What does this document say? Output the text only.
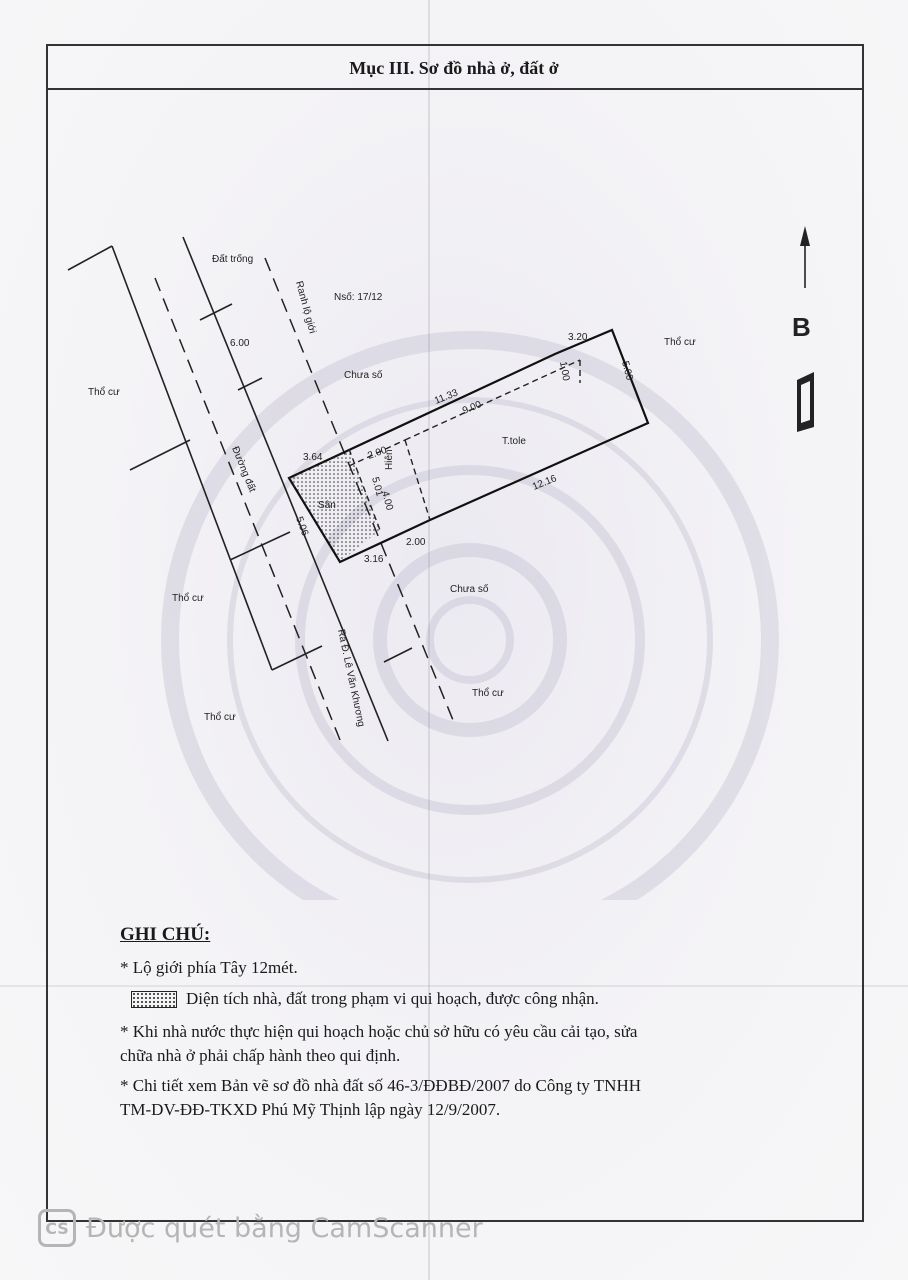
Mục III. Sơ đồ nhà ở, đất ở
B
Đất trống
Nsố: 17/12
Chưa số
Chưa số
Thổ cư
Thổ cư
Thổ cư
Thổ cư
Thổ cư
T.tole
Sân
Hiên
Ranh lộ giới
Đường đất
Ra Đ. Lê Văn Khương
6.00
3.20
5.00
1.00
11.33
9.00
3.64	2.00
12.16
5.01
4.00
5.06
3.16
2.00
GHI CHÚ:
* Lộ giới phía Tây 12mét.
Diện tích nhà, đất trong phạm vi qui hoạch, được công nhận.
* Khi nhà nước thực hiện qui hoạch hoặc chủ sở hữu có yêu cầu cải tạo, sửa
chữa nhà ở phải chấp hành theo qui định.
* Chi tiết xem Bản vẽ sơ đồ nhà đất số 46-3/ĐĐBĐ/2007 do Công ty TNHH
TM-DV-ĐĐ-TKXD Phú Mỹ Thịnh lập ngày 12/9/2007.
CS Được quét bằng CamScanner
